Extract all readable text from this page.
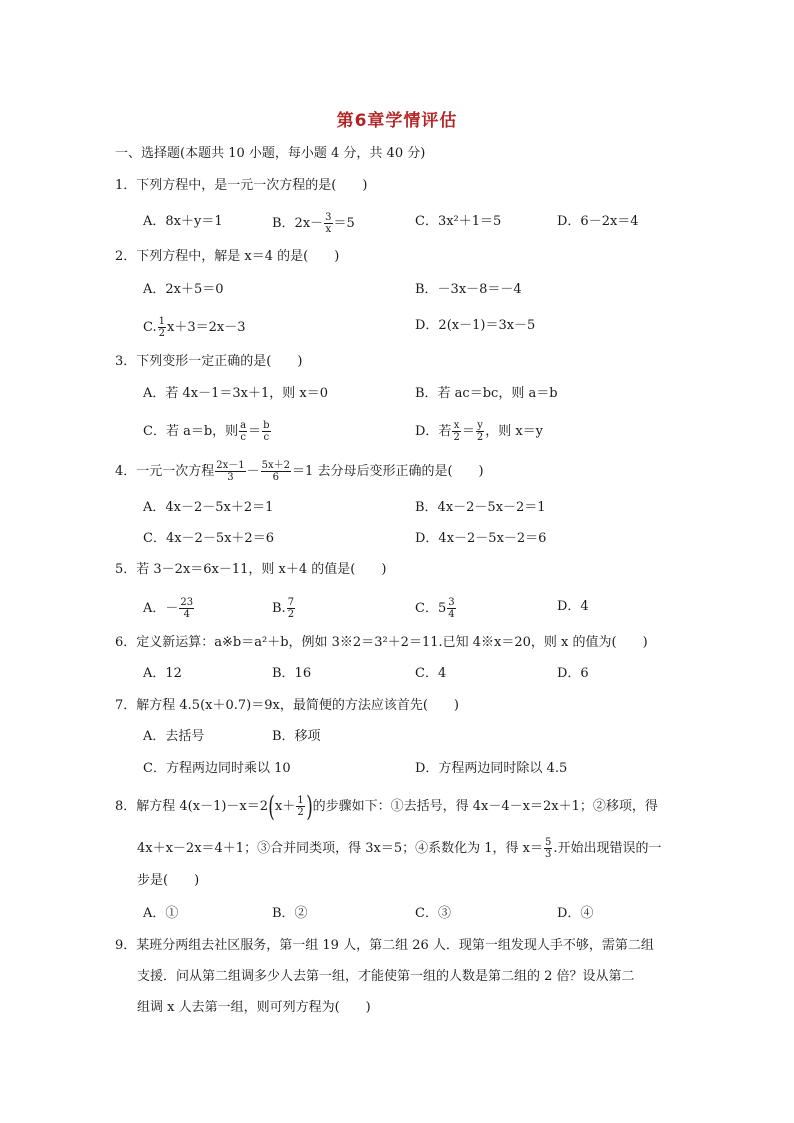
第6章学情评估
一、选择题(本题共 10 小题，每小题 4 分，共 40 分)
1．下列方程中，是一元一次方程的是(　　)
A．8x＋y＝1	B．$2x- \frac{3}{x} =5$	C．3x²＋1＝5	D．6－2x＝4
2．下列方程中，解是 x＝4 的是(　　)
A．2x＋5＝0	B．－3x－8＝－4
C. $\frac{1}{2} x+3=2x-3$	D．2(x－1)＝3x－5
3．下列变形一定正确的是(　　)
A．若 4x－1＝3x＋1，则 x＝0	B．若 ac＝bc，则 a＝b
C．若 a＝b，则 $\frac{a}{c} = \frac{b}{c}$	D．若 $\frac{x}{2} = \frac{y}{2}$ ，则 x＝y
4．一元一次方程 $\frac{2x-1}{3} - \frac{5x+2}{6} =1$ 去分母后变形正确的是(　　)
A．4x－2－5x＋2＝1	B．4x－2－5x－2＝1
C．4x－2－5x＋2＝6	D．4x－2－5x－2＝6
5．若 3－2x＝6x－11，则 x＋4 的值是(　　)
A．－ $\frac{23}{4}$	B. $\frac{7}{2}$	C．$5 \frac{3}{4}$	D．4
6．定义新运算：a※b＝a²＋b，例如 3※2＝3²＋2＝11.已知 4※x＝20，则 x 的值为(　　)
A．12	B．16	C．4	D．6
7．解方程 4.5(x＋0.7)＝9x，最简便的方法应该首先(　　)
A．去括号	B．移项
C．方程两边同时乘以 10	D．方程两边同时除以 4.5
8．解方程 $4(x-1)-x=2(x+ \frac{1}{2}$ )的步骤如下：①去括号，得 4x－4－x＝2x＋1；②移项，得
4x＋x－2x＝4＋1；③合并同类项，得 3x＝5；④系数化为 1，得 $x= \frac{5}{3}$ .开始出现错误的一
步是(　　)
A．①	B．②	C．③	D．④
9．某班分两组去社区服务，第一组 19 人，第二组 26 人．现第一组发现人手不够，需第二组
支援．问从第二组调多少人去第一组，才能使第一组的人数是第二组的 2 倍？设从第二
组调 x 人去第一组，则可列方程为(　　)
